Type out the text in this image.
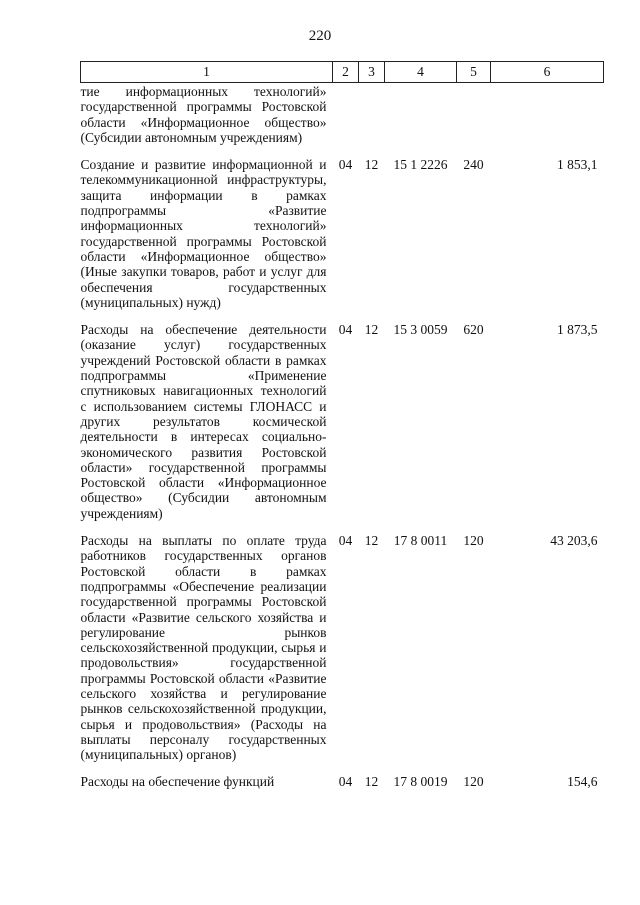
220
1	2	3	4	5	6
тие информационных технологий» государственной программы Ростовской области «Информационное общество» (Субсидии автономным учреждениям)					
Создание и развитие информационной и телекоммуникационной инфраструктуры, защита информации в рамках подпрограммы «Развитие информационных технологий» государственной программы Ростовской области «Информационное общество» (Иные закупки товаров, работ и услуг для обеспечения государственных (муниципальных) нужд)	04	12	15 1 2226	240	1 853,1
Расходы на обеспечение деятельности (оказание услуг) государственных учреждений Ростовской области в рамках подпрограммы «Применение спутниковых навигационных технологий с использованием системы ГЛОНАСС и других результатов космической деятельности в интересах социально-экономического развития Ростовской области» государственной программы Ростовской области «Информационное общество» (Субсидии автономным учреждениям)	04	12	15 3 0059	620	1 873,5
Расходы на выплаты по оплате труда работников государственных органов Ростовской области в рамках подпрограммы «Обеспечение реализации государственной программы Ростовской области «Развитие сельского хозяйства и регулирование рынков сельскохозяйственной продукции, сырья и продовольствия» государственной программы Ростовской области «Развитие сельского хозяйства и регулирование рынков сельскохозяйственной продукции, сырья и продовольствия» (Расходы на выплаты персоналу государственных (муниципальных) органов)	04	12	17 8 0011	120	43 203,6
Расходы на обеспечение функций	04	12	17 8 0019	120	154,6
